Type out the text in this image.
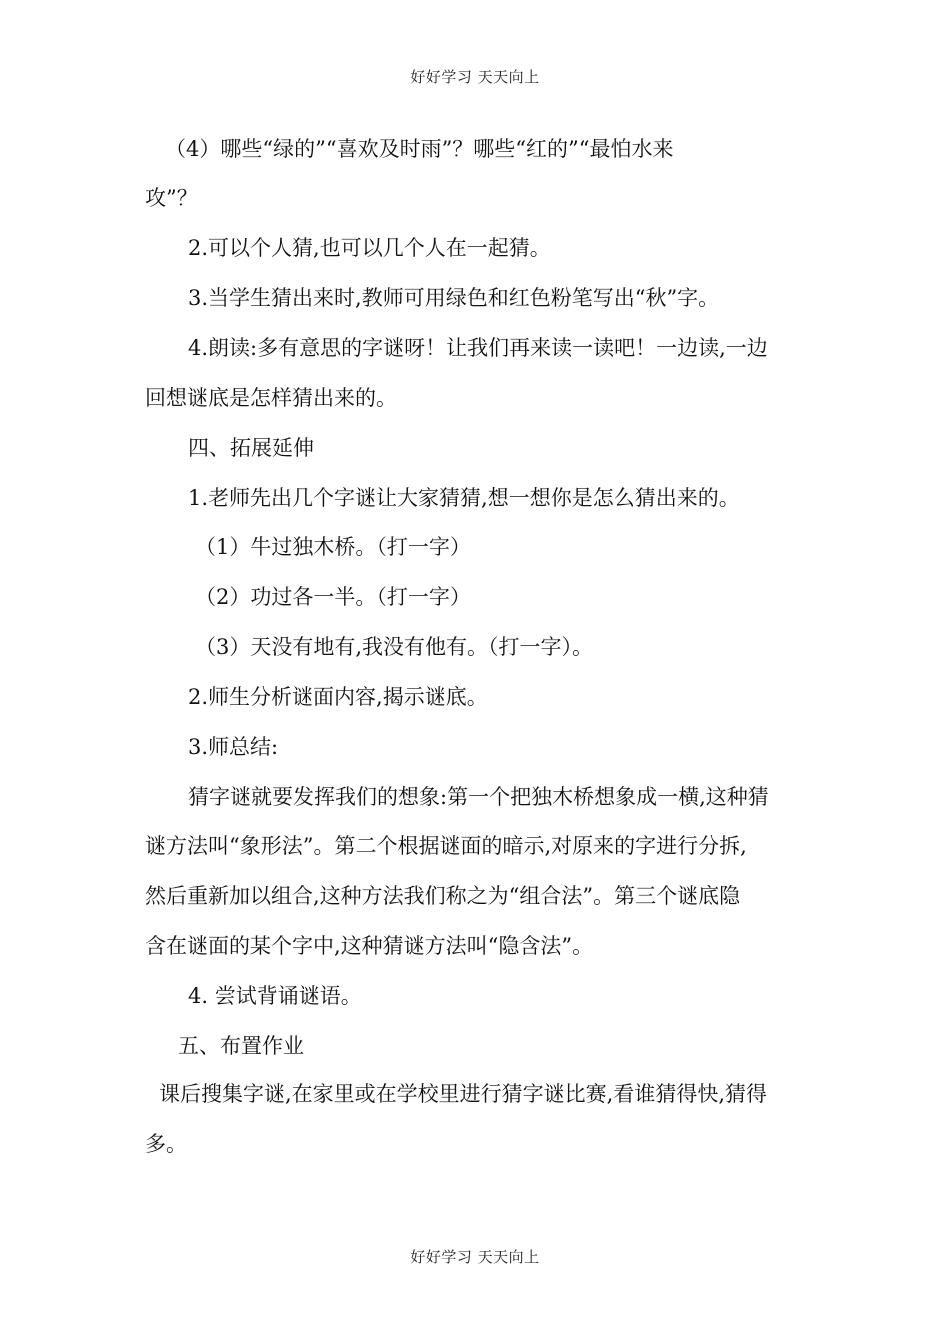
好好学习 天天向上
（4）哪些“绿的”“喜欢及时雨”？哪些“红的”“最怕水来
攻”？
2.可以个人猜,也可以几个人在一起猜。
3.当学生猜出来时,教师可用绿色和红色粉笔写出“秋”字。
4.朗读:多有意思的字谜呀！让我们再来读一读吧！一边读,一边
回想谜底是怎样猜出来的。
四、拓展延伸
1.老师先出几个字谜让大家猜猜,想一想你是怎么猜出来的。
（1）牛过独木桥。（打一字）
（2）功过各一半。（打一字）
（3）天没有地有,我没有他有。（打一字）。
2.师生分析谜面内容,揭示谜底。
3.师总结:
猜字谜就要发挥我们的想象:第一个把独木桥想象成一横,这种猜
谜方法叫“象形法”。第二个根据谜面的暗示,对原来的字进行分拆,
然后重新加以组合,这种方法我们称之为“组合法”。第三个谜底隐
含在谜面的某个字中,这种猜谜方法叫“隐含法”。
4. 尝试背诵谜语。
五、布置作业
课后搜集字谜,在家里或在学校里进行猜字谜比赛,看谁猜得快,猜得
多。
好好学习 天天向上
